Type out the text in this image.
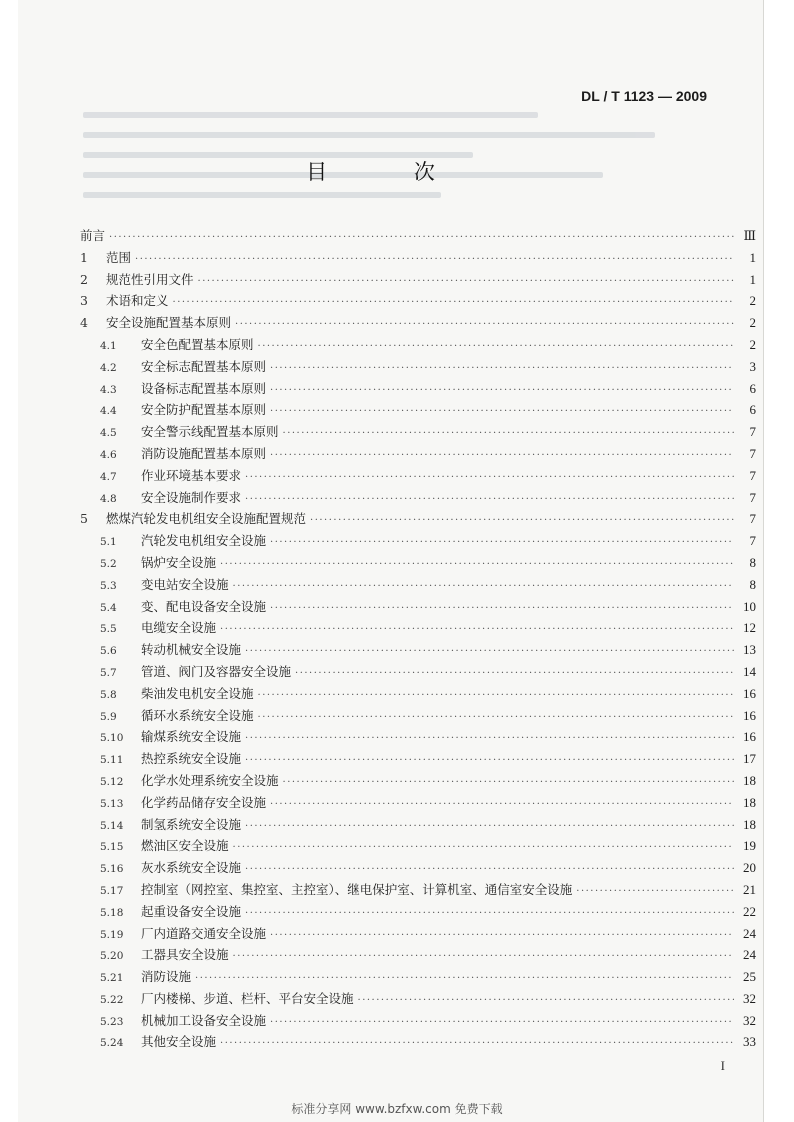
DL / T 1123 — 2009
目 次
前言 ·····	Ⅲ
1	范围 ·····	1
2	规范性引用文件 ·····	1
3	术语和定义 ·····	2
4	安全设施配置基本原则 ·····	2
4.1	安全色配置基本原则 ·····	2
4.2	安全标志配置基本原则 ·····	3
4.3	设备标志配置基本原则 ·····	6
4.4	安全防护配置基本原则 ·····	6
4.5	安全警示线配置基本原则 ·····	7
4.6	消防设施配置基本原则 ·····	7
4.7	作业环境基本要求 ·····	7
4.8	安全设施制作要求 ·····	7
5	燃煤汽轮发电机组安全设施配置规范 ·····	7
5.1	汽轮发电机组安全设施 ·····	7
5.2	锅炉安全设施 ·····	8
5.3	变电站安全设施 ·····	8
5.4	变、配电设备安全设施 ·····	10
5.5	电缆安全设施 ·····	12
5.6	转动机械安全设施 ·····	13
5.7	管道、阀门及容器安全设施 ·····	14
5.8	柴油发电机安全设施 ·····	16
5.9	循环水系统安全设施 ·····	16
5.10	输煤系统安全设施 ·····	16
5.11	热控系统安全设施 ·····	17
5.12	化学水处理系统安全设施 ·····	18
5.13	化学药品储存安全设施 ·····	18
5.14	制氢系统安全设施 ·····	18
5.15	燃油区安全设施 ·····	19
5.16	灰水系统安全设施 ·····	20
5.17	控制室（网控室、集控室、主控室）、继电保护室、计算机室、通信室安全设施 ·····	21
5.18	起重设备安全设施 ·····	22
5.19	厂内道路交通安全设施 ·····	24
5.20	工器具安全设施 ·····	24
5.21	消防设施 ·····	25
5.22	厂内楼梯、步道、栏杆、平台安全设施 ·····	32
5.23	机械加工设备安全设施 ·····	32
5.24	其他安全设施 ·····	33
I
标准分享网 www.bzfxw.com 免费下载
